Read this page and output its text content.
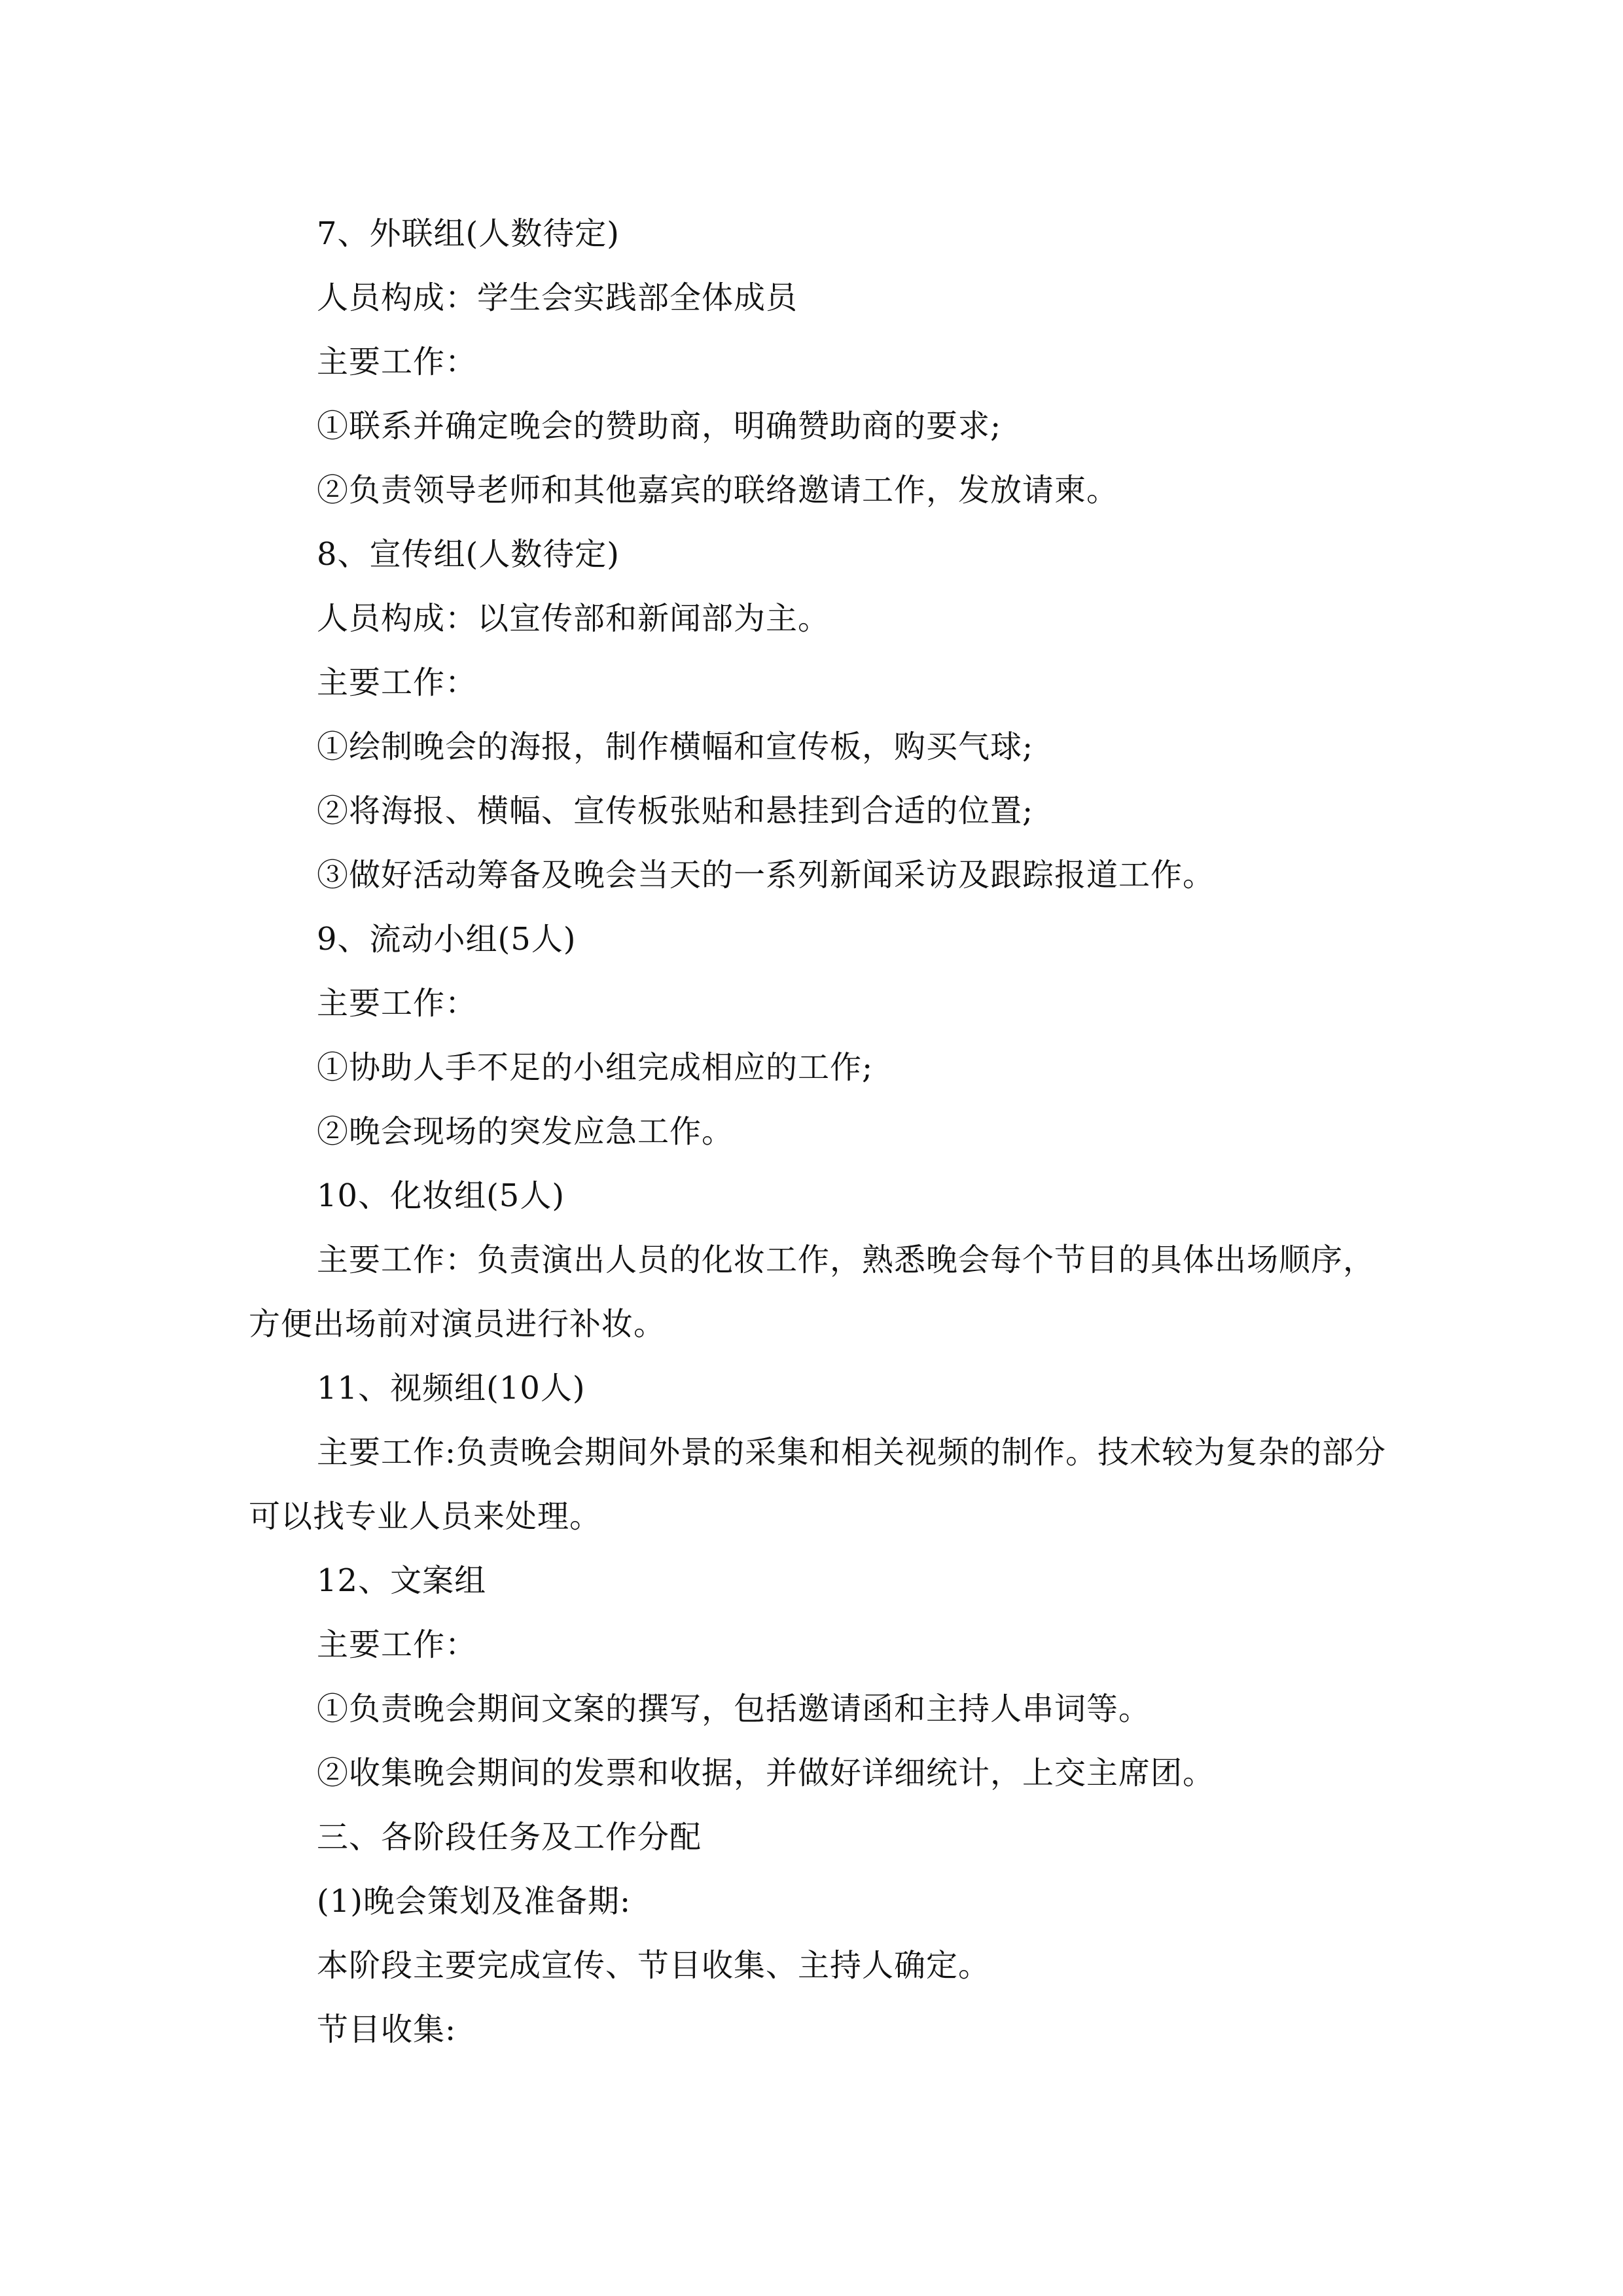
7、外联组(人数待定)
人员构成：学生会实践部全体成员
主要工作：
①联系并确定晚会的赞助商，明确赞助商的要求;
②负责领导老师和其他嘉宾的联络邀请工作，发放请柬。
8、宣传组(人数待定)
人员构成：以宣传部和新闻部为主。
主要工作：
①绘制晚会的海报，制作横幅和宣传板，购买气球;
②将海报、横幅、宣传板张贴和悬挂到合适的位置;
③做好活动筹备及晚会当天的一系列新闻采访及跟踪报道工作。
9、流动小组(5人)
主要工作：
①协助人手不足的小组完成相应的工作;
②晚会现场的突发应急工作。
10、化妆组(5人)

主要工作：负责演出人员的化妆工作，熟悉晚会每个节目的具体出场顺序，方便出场前对演员进行补妆。

11、视频组(10人)

主要工作:负责晚会期间外景的采集和相关视频的制作。技术较为复杂的部分可以找专业人员来处理。

12、文案组
主要工作：
①负责晚会期间文案的撰写，包括邀请函和主持人串词等。
②收集晚会期间的发票和收据，并做好详细统计，上交主席团。
三、各阶段任务及工作分配
(1)晚会策划及准备期:
本阶段主要完成宣传、节目收集、主持人确定。
节目收集:
